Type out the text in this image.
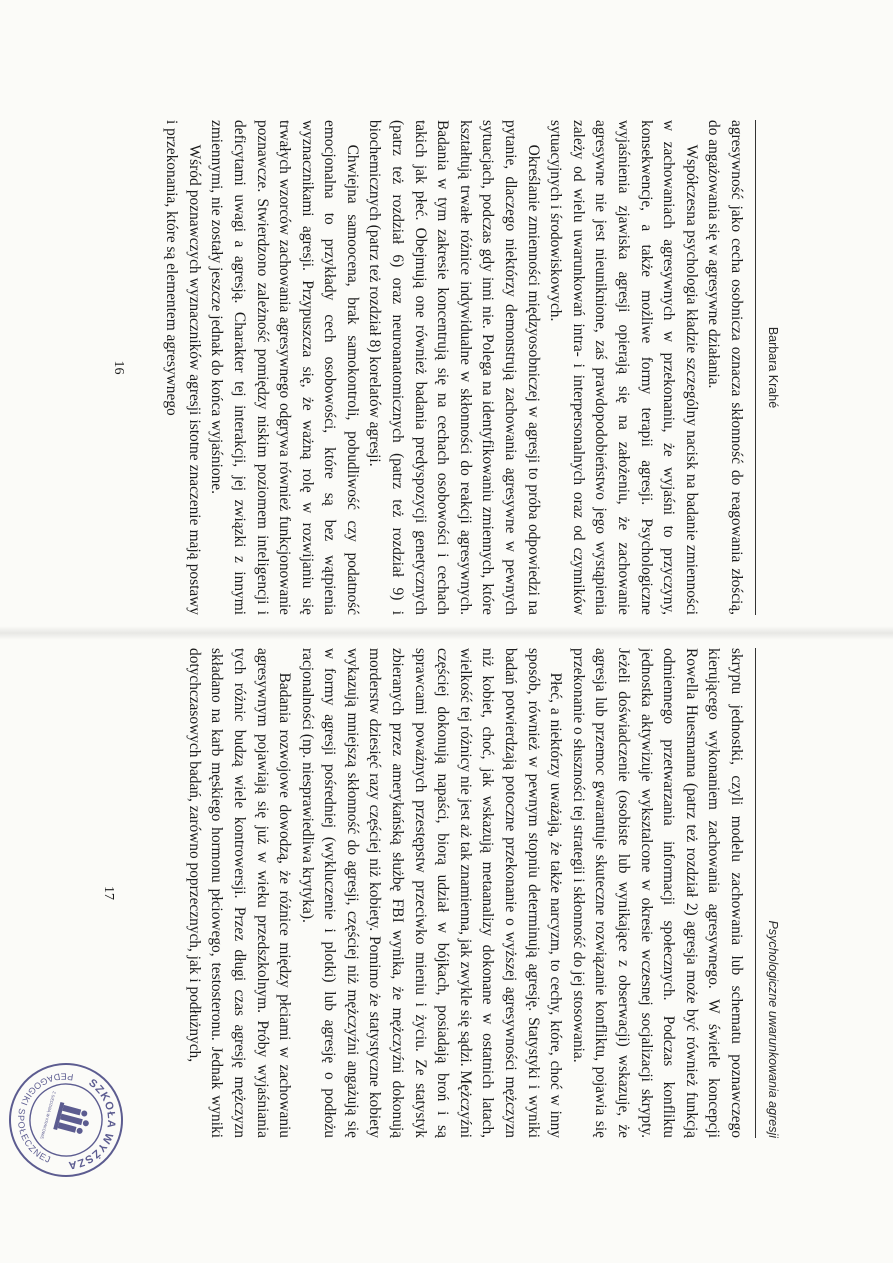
Barbara Krahé

agresywność jako cecha osobnicza oznacza skłonność do reagowania złością, do angażowania się w agresywne działania.

Współczesna psychologia kładzie szczególny nacisk na badanie zmienności w zachowaniach agresywnych w przekonaniu, że wyjaśni to przyczyny, konsekwencje, a także możliwe formy terapii agresji. Psychologiczne wyjaśnienia zjawiska agresji opierają się na założeniu, że zachowanie agresywne nie jest nieuniknione, zaś prawdopodobieństwo jego wystąpienia zależy od wielu uwarunkowań intra- i interpersonalnych oraz od czynników sytuacyjnych i środowiskowych.

Określanie zmienności międzyosobniczej w agresji to próba odpowiedzi na pytanie, dlaczego niektórzy demonstrują zachowania agresywne w pewnych sytuacjach, podczas gdy inni nie. Polega na identyfikowaniu zmiennych, które kształtują trwałe różnice indywidualne w skłonności do reakcji agresywnych. Badania w tym zakresie koncentrują się na cechach osobowości i cechach takich jak płeć. Obejmują one również badania predyspozycji genetycznych (patrz też rozdział 6) oraz neuroanatomicznych (patrz też rozdział 9) i biochemicznych (patrz też rozdział 8) korelatów agresji.

Chwiejna samoocena, brak samokontroli, pobudliwość czy podatność emocjonalna to przykłady cech osobowości, które są bez wątpienia wyznacznikami agresji. Przypuszcza się, że ważną rolę w rozwijaniu się trwałych wzorców zachowania agresywnego odgrywa również funkcjonowanie poznawcze. Stwierdzono zależność pomiędzy niskim poziomem inteligencji i deficytami uwagi a agresją. Charakter tej interakcji, jej związki z innymi zmiennymi, nie zostały jeszcze jednak do końca wyjaśnione.

Wśród poznawczych wyznaczników agresji istotne znaczenie mają postawy i przekonania, które są elementem agresywnego

16
Psychologiczne uwarunkowania agresji

skryptu jednostki, czyli modelu zachowania lub schematu poznawczego kierującego wykonaniem zachowania agresywnego. W świetle koncepcji Rowella Huesmanna (patrz też rozdział 2) agresja może być również funkcją odmiennego przetwarzania informacji społecznych. Podczas konfliktu jednostka aktywizuje wyksztalcone w okresie wczesnej socjalizacji skrypty. Jeżeli doświadczenie (osobiste lub wynikające z obserwacji) wskazuje, że agresja lub przemoc gwarantuje skuteczne rozwiązanie konfliktu, pojawia się przekonanie o słuszności tej strategii i skłonność do jej stosowania.

Płeć, a niektórzy uważają, że także narcyzm, to cechy, które, choć w inny sposób, również w pewnym stopniu determinują agresję. Statystyki i wyniki badań potwierdzają potoczne przekonanie o wyższej agresywności mężczyzn niż kobiet, choć, jak wskazują metaanalizy dokonane w ostatnich latach, wielkość tej różnicy nie jest aż tak znamienna, jak zwykle się sądzi. Mężczyźni częściej dokonują napaści, biorą udział w bójkach, posiadają broń i są sprawcami poważnych przestępstw przeciwko mieniu i życiu. Ze statystyk zbieranych przez amerykańską służbę FBI wynika, że mężczyźni dokonują morderstw dziesięć razy częściej niż kobiety. Pomimo że statystyczne kobiety wykazują mniejszą skłonność do agresji, częściej niż mężczyźni angażują się w formy agresji pośredniej (wykluczenie i plotki) lub agresję o podłożu racjonalności (np. niesprawiedliwa krytyka).

Badania rozwojowe dowodzą, że różnice między płciami w zachowaniu agresywnym pojawiają się już w wieku przedszkolnym. Próby wyjaśniania tych różnic budzą wiele kontrowersji. Przez długi czas agresję mężczyzn składano na karb męskiego hormonu płciowego, testosteronu. Jednak wyniki dotychczasowych badań, zarówno poprzecznych, jak i podłużnych,

17
SZKOŁA WYŻSZA
PEDAGOGIKI SPOŁECZNEJ
Z SIEDZIBĄ W KRAKOWIE
